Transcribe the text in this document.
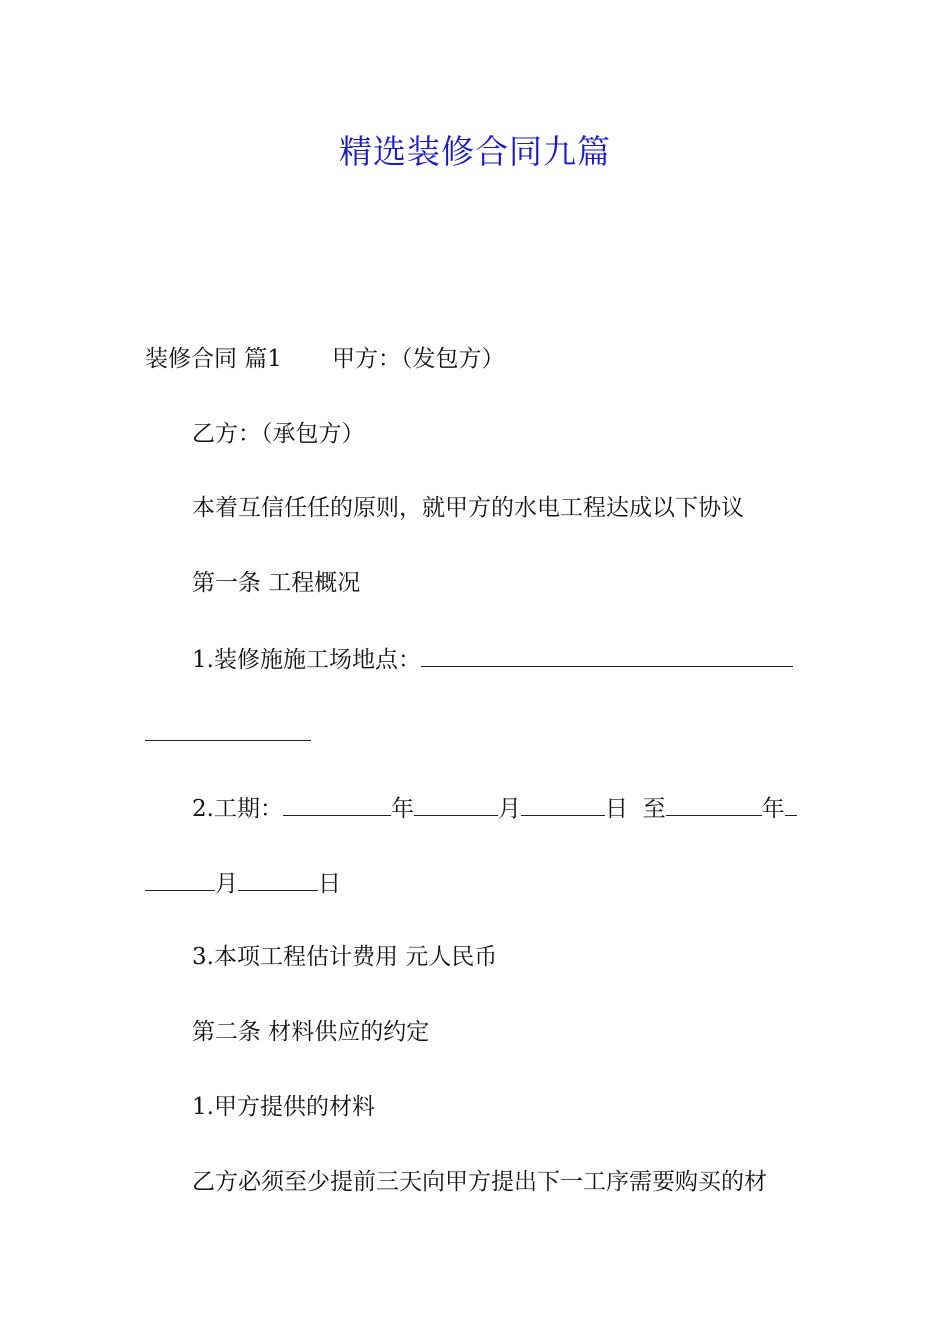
精选装修合同九篇
装修合同 篇1 甲方：（发包方）
乙方：（承包方）
本着互信任任的原则，就甲方的水电工程达成以下协议
第一条 工程概况
1.装修施施工场地点：
2.工期：	年	月	日 至	年
月	日
3.本项工程估计费用 元人民币
第二条 材料供应的约定
1.甲方提供的材料
乙方必须至少提前三天向甲方提出下一工序需要购买的材
